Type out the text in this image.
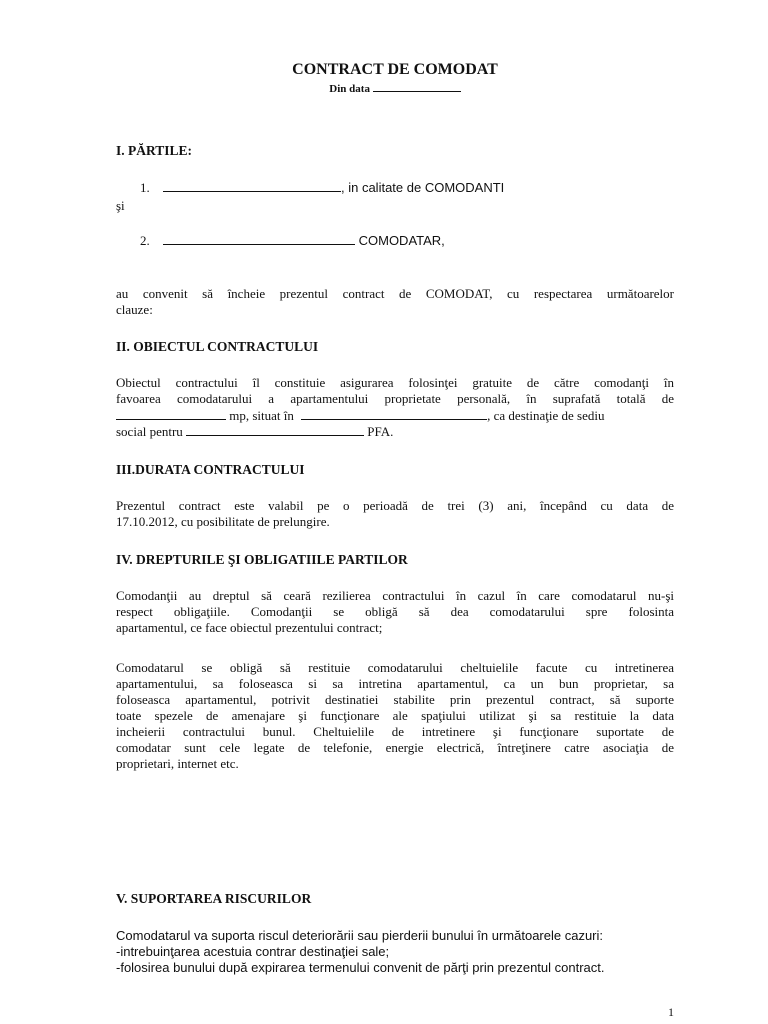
CONTRACT DE COMODAT
Din data
I. PĂRTILE:
1.	, in calitate de COMODANTI
şi
2.	COMODATAR,
au convenit să încheie prezentul contract de COMODAT, cu respectarea următoarelor
clauze:
II. OBIECTUL CONTRACTULUI
Obiectul contractului îl constituie asigurarea folosinţei gratuite de către comodanţi în
favoarea comodatarului a apartamentului proprietate personală, în suprafată totală de
mp, situat în	, ca destinaţie de sediu
social pentru	PFA.
III.DURATA CONTRACTULUI
Prezentul contract este valabil pe o perioadă de trei (3) ani, începând cu data de
17.10.2012, cu posibilitate de prelungire.
IV. DREPTURILE ŞI OBLIGATIILE PARTILOR
Comodanţii au dreptul să ceară rezilierea contractului în cazul în care comodatarul nu-şi
respect obligaţiile. Comodanţii se obligă să dea comodatarului spre folosinta
apartamentul, ce face obiectul prezentului contract;
Comodatarul se obligă să restituie comodatarului cheltuielile facute cu intretinerea
apartamentului, sa foloseasca si sa intretina apartamentul, ca un bun proprietar, sa
foloseasca apartamentul, potrivit destinatiei stabilite prin prezentul contract, să suporte
toate spezele de amenajare şi funcţionare ale spaţiului utilizat şi sa restituie la data
incheierii contractului bunul. Cheltuielile de intretinere şi funcţionare suportate de
comodatar sunt cele legate de telefonie, energie electrică, întreţinere catre asociaţia de
proprietari, internet etc.
V. SUPORTAREA RISCURILOR
Comodatarul va suporta riscul deteriorării sau pierderii bunului în următoarele cazuri:
-intrebuinţarea acestuia contrar destinaţiei sale;
-folosirea bunului după expirarea termenului convenit de părţi prin prezentul contract.
1
